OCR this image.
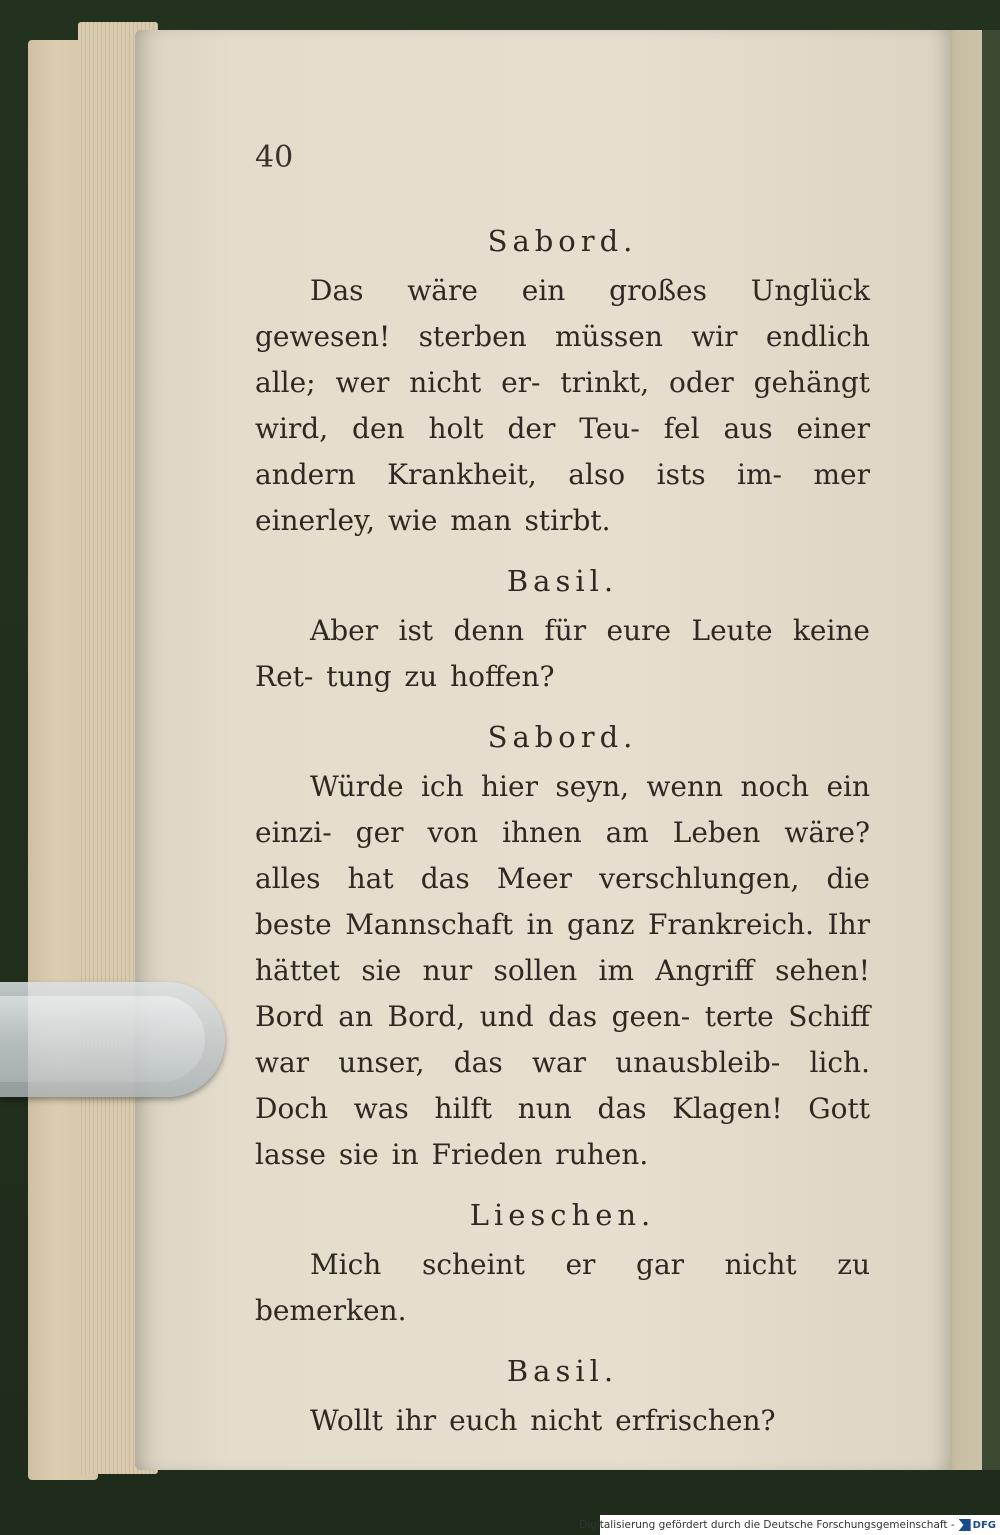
40
Sabord.

Das wäre ein großes Unglück gewesen! sterben müssen wir endlich alle; wer nicht er- trinkt, oder gehängt wird, den holt der Teu- fel aus einer andern Krankheit, also ists im- mer einerley, wie man stirbt.

Basil.

Aber ist denn für eure Leute keine Ret- tung zu hoffen?

Sabord.

Würde ich hier seyn, wenn noch ein einzi- ger von ihnen am Leben wäre? alles hat das Meer verschlungen, die beste Mannschaft in ganz Frankreich. Ihr hättet sie nur sollen im Angriff sehen! Bord an Bord, und das geen- terte Schiff war unser, das war unausbleib- lich. Doch was hilft nun das Klagen! Gott lasse sie in Frieden ruhen.

Lieschen.

Mich scheint er gar nicht zu bemerken.

Basil.

Wollt ihr euch nicht erfrischen?

Digitalisierung gefördert durch die Deutsche Forschungsgemeinschaft - DFG
